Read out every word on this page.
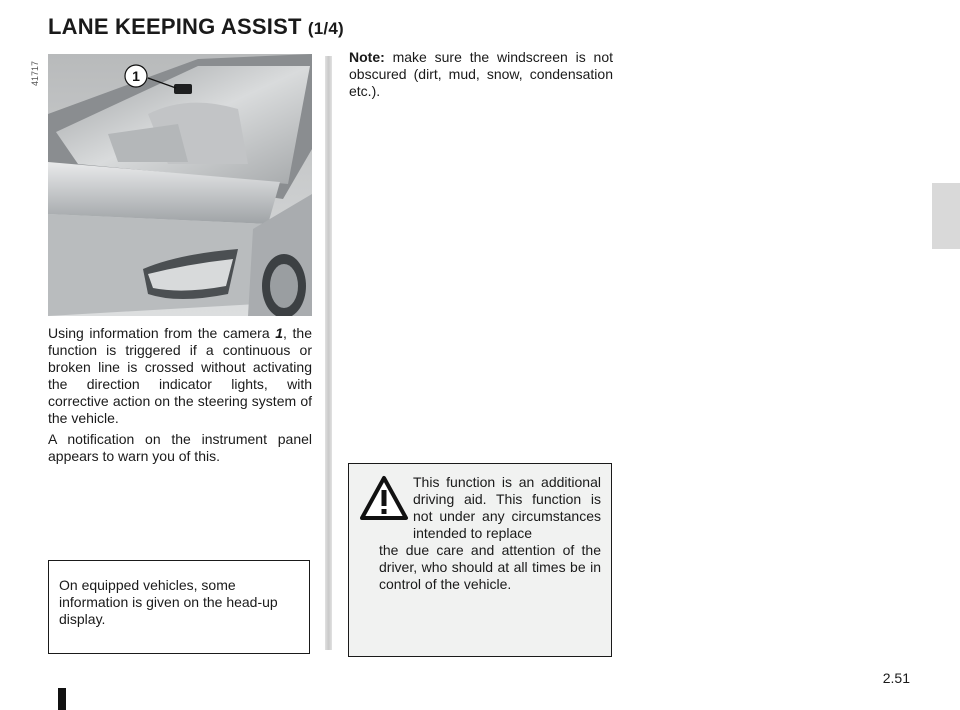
LANE KEEPING ASSIST (1/4)
41717	1

Using information from the camera 1, the function is triggered if a continuous or broken line is crossed without activating the direction indicator lights, with corrective action on the steering system of the vehicle.

A notification on the instrument panel appears to warn you of this.

On equipped vehicles, some information is given on the head-up display.

Note: make sure the windscreen is not obscured (dirt, mud, snow, condensation etc.).

This function is an additional driving aid. This function is not under any circumstances intended to replace

the due care and attention of the driver, who should at all times be in control of the vehicle.

2.51
